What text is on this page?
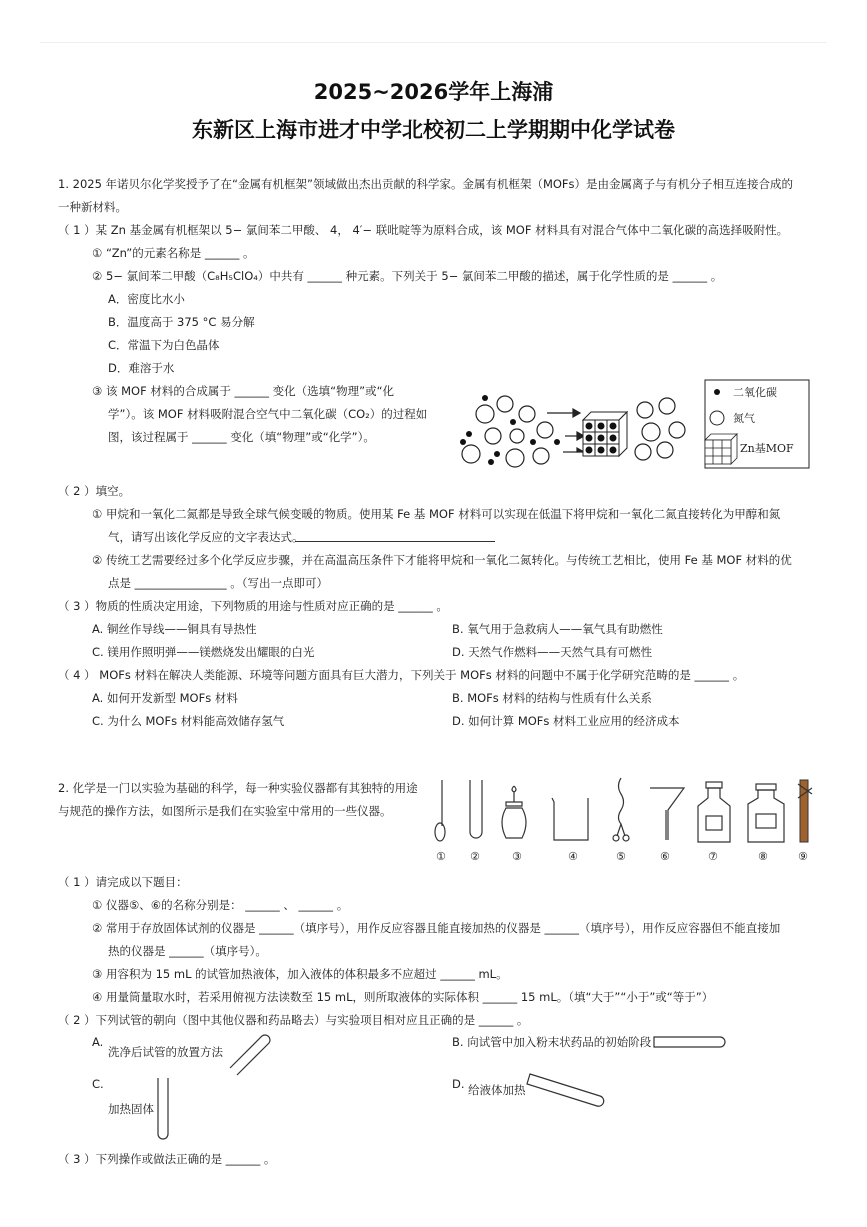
2025~2026学年上海浦
东新区上海市进才中学北校初二上学期期中化学试卷
1. 2025 年诺贝尔化学奖授予了在“金属有机框架”领域做出杰出贡献的科学家。金属有机框架（MOFs）是由金属离子与有机分子相互连接合成的
一种新材料。
（ 1 ）某 Zn 基金属有机框架以 5− 氯间苯二甲酸、 4， 4′− 联吡啶等为原料合成，该 MOF 材料具有对混合气体中二氧化碳的高选择吸附性。
① “Zn”的元素名称是 ______ 。
② 5− 氯间苯二甲酸（C₈H₅ClO₄）中共有 ______ 种元素。下列关于 5− 氯间苯二甲酸的描述，属于化学性质的是 ______ 。
A．密度比水小
B．温度高于 375 °C 易分解
C．常温下为白色晶体
D．难溶于水
③ 该 MOF 材料的合成属于 ______ 变化（选填“物理”或“化
学”）。该 MOF 材料吸附混合空气中二氧化碳（CO₂）的过程如
图，该过程属于 ______ 变化（填“物理”或“化学”）。
二氧化碳
氮气
Zn基MOF
（ 2 ）填空。
① 甲烷和一氧化二氮都是导致全球气候变暖的物质。使用某 Fe 基 MOF 材料可以实现在低温下将甲烷和一氧化二氮直接转化为甲醇和氮
气，请写出该化学反应的文字表达式。
② 传统工艺需要经过多个化学反应步骤，并在高温高压条件下才能将甲烷和一氧化二氮转化。与传统工艺相比，使用 Fe 基 MOF 材料的优
点是 ________________ 。（写出一点即可）
（ 3 ）物质的性质决定用途，下列物质的用途与性质对应正确的是 ______ 。
A. 铜丝作导线——铜具有导热性	B. 氧气用于急救病人——氧气具有助燃性
C. 镁用作照明弹——镁燃烧发出耀眼的白光	D. 天然气作燃料——天然气具有可燃性
（ 4 ） MOFs 材料在解决人类能源、环境等问题方面具有巨大潜力，下列关于 MOFs 材料的问题中不属于化学研究范畴的是 ______ 。
A. 如何开发新型 MOFs 材料	B. MOFs 材料的结构与性质有什么关系
C. 为什么 MOFs 材料能高效储存氢气	D. 如何计算 MOFs 材料工业应用的经济成本
2. 化学是一门以实验为基础的科学，每一种实验仪器都有其独特的用途
与规范的操作方法，如图所示是我们在实验室中常用的一些仪器。
① ②	③	④	⑤	⑥	⑦	⑧	⑨
（ 1 ）请完成以下题目：
① 仪器⑤、⑥的名称分别是： ______ 、 ______ 。
② 常用于存放固体试剂的仪器是 ______（填序号），用作反应容器且能直接加热的仪器是 ______（填序号），用作反应容器但不能直接加
热的仪器是 ______（填序号）。
③ 用容积为 15 mL 的试管加热液体，加入液体的体积最多不应超过 ______ mL。
④ 用量筒量取水时，若采用俯视方法读数至 15 mL，则所取液体的实际体积 ______ 15 mL。（填“大于”“小于”或“等于”）
（ 2 ）下列试管的朝向（图中其他仪器和药品略去）与实验项目相对应且正确的是 ______ 。
A.
洗净后试管的放置方法
B. 向试管中加入粉末状药品的初始阶段
C.
加热固体
D. 给液体加热
（ 3 ）下列操作或做法正确的是 ______ 。
